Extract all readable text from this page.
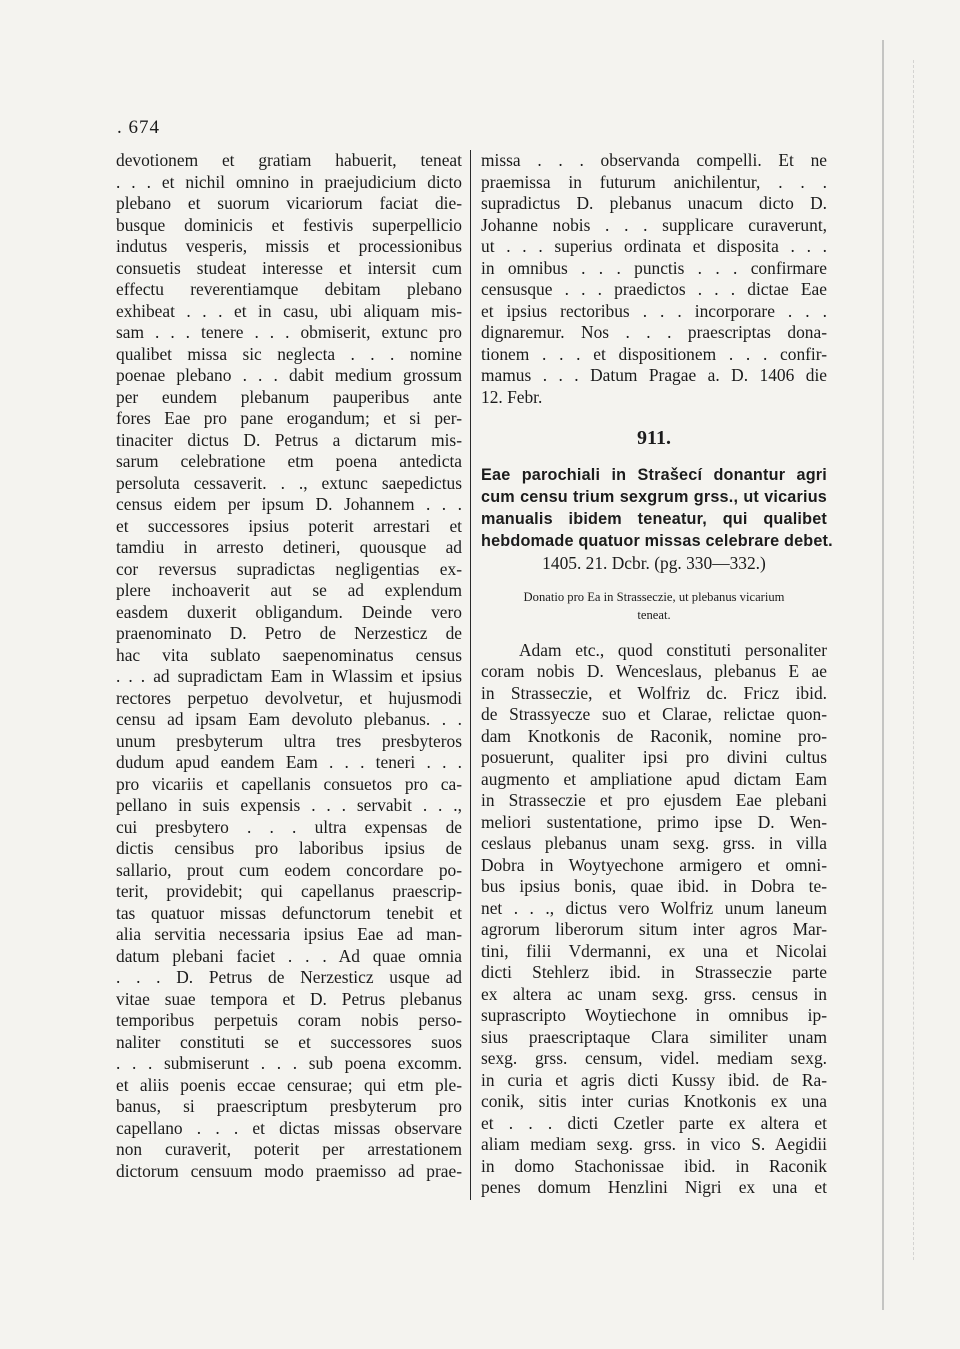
. 674
devotionem et gratiam habuerit, teneat
. . . et nichil omnino in praejudicium dicto
plebano et suorum vicariorum faciat die-
busque dominicis et festivis superpellicio
indutus vesperis, missis et processionibus
consuetis studeat interesse et intersit cum
effectu reverentiamque debitam plebano
exhibeat . . . et in casu, ubi aliquam mis-
sam . . . tenere . . . obmiserit, extunc pro
qualibet missa sic neglecta . . . nomine
poenae plebano . . . dabit medium grossum
per eundem plebanum pauperibus ante
fores Eae pro pane erogandum; et si per-
tinaciter dictus D. Petrus a dictarum mis-
sarum celebratione etm poena antedicta
persoluta cessaverit. . ., extunc saepedictus
census eidem per ipsum D. Johannem . . .
et successores ipsius poterit arrestari et
tamdiu in arresto detineri, quousque ad
cor reversus supradictas negligentias ex-
plere inchoaverit aut se ad explendum
easdem duxerit obligandum. Deinde vero
praenominato D. Petro de Nerzesticz de
hac vita sublato saepenominatus census
. . . ad supradictam Eam in Wlassim et ipsius
rectores perpetuo devolvetur, et hujusmodi
censu ad ipsam Eam devoluto plebanus. . .
unum presbyterum ultra tres presbyteros
dudum apud eandem Eam . . . teneri . . .
pro vicariis et capellanis consuetos pro ca-
pellano in suis expensis . . . servabit . . .,
cui presbytero . . . ultra expensas de
dictis censibus pro laboribus ipsius de
sallario, prout cum eodem concordare po-
terit, providebit; qui capellanus praescrip-
tas quatuor missas defunctorum tenebit et
alia servitia necessaria ipsius Eae ad man-
datum plebani faciet . . . Ad quae omnia
. . . D. Petrus de Nerzesticz usque ad
vitae suae tempora et D. Petrus plebanus
temporibus perpetuis coram nobis perso-
naliter constituti se et successores suos
. . . submiserunt . . . sub poena excomm.
et aliis poenis eccae censurae; qui etm ple-
banus, si praescriptum presbyterum pro
capellano . . . et dictas missas observare
non curaverit, poterit per arrestationem
dictorum censuum modo praemisso ad prae-
missa . . . observanda compelli. Et ne
praemissa in futurum anichilentur, . . .
supradictus D. plebanus unacum dicto D.
Johanne nobis . . . supplicare curaverunt,
ut . . . superius ordinata et disposita . . .
in omnibus . . . punctis . . . confirmare
censusque . . . praedictos . . . dictae Eae
et ipsius rectoribus . . . incorporare . . .
dignaremur. Nos . . . praescriptas dona-
tionem . . . et dispositionem . . . confir-
mamus . . . Datum Pragae a. D. 1406 die
12. Febr.
911.
Eae parochiali in Strašecí donantur agri
cum censu trium sexgrum grss., ut vicarius
manualis ibidem teneatur, qui qualibet
hebdomade quatuor missas celebrare debet.
1405. 21. Dcbr. (pg. 330—332.)
Donatio pro Ea in Strasseczie, ut plebanus vicarium
teneat.
Adam etc., quod constituti personaliter
coram nobis D. Wenceslaus, plebanus E ae
in Strasseczie, et Wolfriz dc. Fricz ibid.
de Strassyecze suo et Clarae, relictae quon-
dam Knotkonis de Raconik, nomine pro-
posuerunt, qualiter ipsi pro divini cultus
augmento et ampliatione apud dictam Eam
in Strasseczie et pro ejusdem Eae plebani
meliori sustentatione, primo ipse D. Wen-
ceslaus plebanus unam sexg. grss. in villa
Dobra in Woytyechone armigero et omni-
bus ipsius bonis, quae ibid. in Dobra te-
net . . ., dictus vero Wolfriz unum laneum
agrorum liberorum situm inter agros Mar-
tini, filii Vdermanni, ex una et Nicolai
dicti Stehlerz ibid. in Strasseczie parte
ex altera ac unam sexg. grss. census in
suprascripto Woytiechone in omnibus ip-
sius praescriptaque Clara similiter unam
sexg. grss. censum, videl. mediam sexg.
in curia et agris dicti Kussy ibid. de Ra-
conik, sitis inter curias Knotkonis ex una
et . . . dicti Czetler parte ex altera et
aliam mediam sexg. grss. in vico S. Aegidii
in domo Stachonissae ibid. in Raconik
penes domum Henzlini Nigri ex una et
